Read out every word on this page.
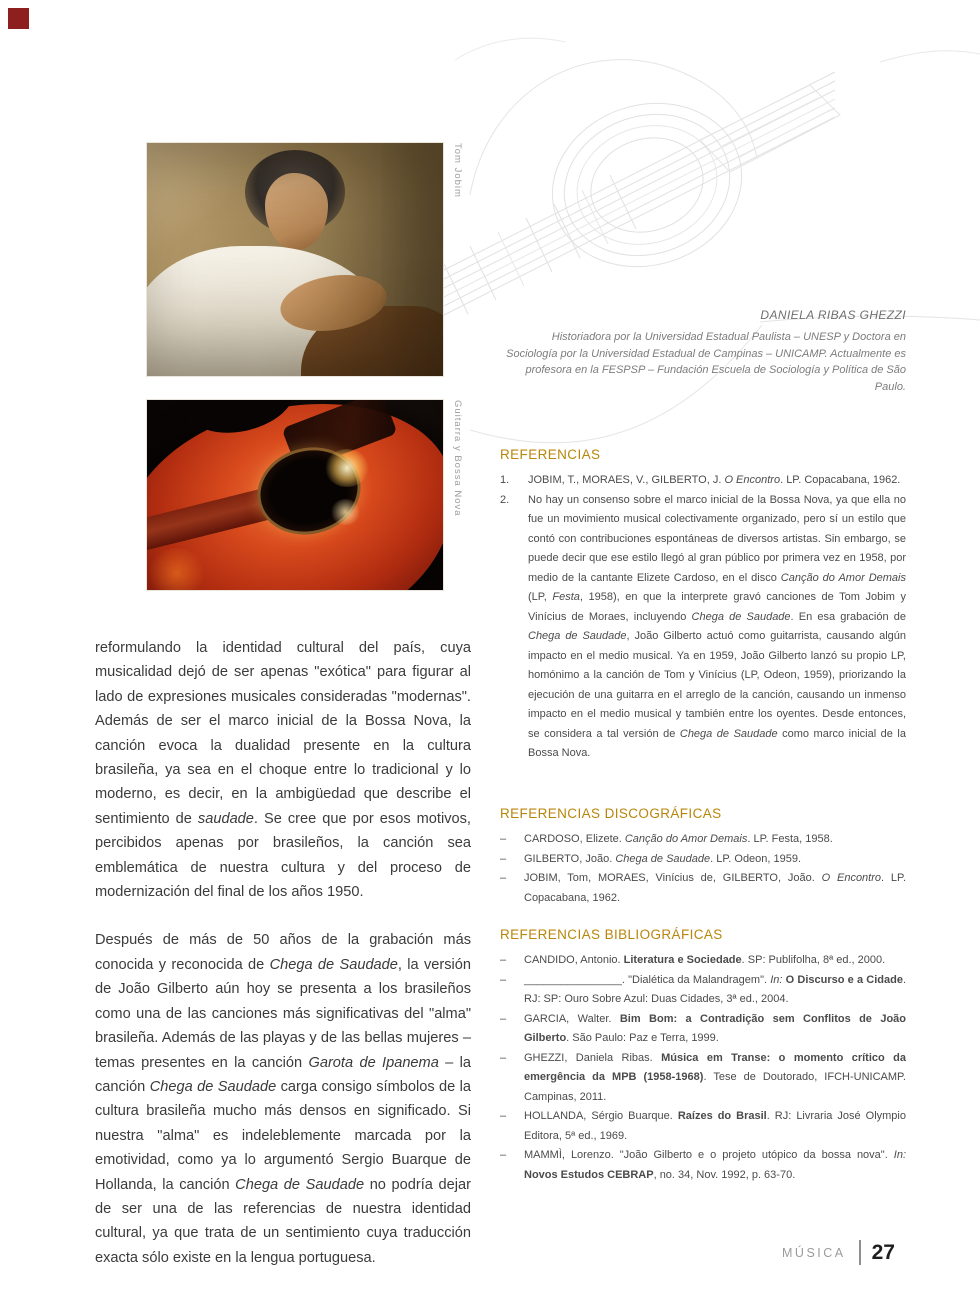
Tom Jobim
Guitarra y Bossa Nova
DANIELA RIBAS GHEZZI
Historiadora por la Universidad Estadual Paulista – UNESP y Doctora en Sociología por la Universidad Estadual de Campinas – UNICAMP. Actualmente es profesora en la FESPSP – Fundación Escuela de Sociología y Política de São Paulo.
REFERENCIAS
1.	JOBIM, T., MORAES, V., GILBERTO, J. O Encontro. LP. Copacabana, 1962.
2.	No hay un consenso sobre el marco inicial de la Bossa Nova, ya que ella no fue un movimiento musical colectivamente organizado, pero sí un estilo que contó con contribuciones espontáneas de diversos artistas. Sin embargo, se puede decir que ese estilo llegó al gran público por primera vez en 1958, por medio de la cantante Elizete Cardoso, en el disco Canção do Amor Demais (LP, Festa, 1958), en que la interprete gravó canciones de Tom Jobim y Vinícius de Moraes, incluyendo Chega de Saudade. En esa grabación de Chega de Saudade, João Gilberto actuó como guitarrista, causando algún impacto en el medio musical. Ya en 1959, João Gilberto lanzó su propio LP, homónimo a la canción de Tom y Vinícius (LP, Odeon, 1959), priorizando la ejecución de una guitarra en el arreglo de la canción, causando un inmenso impacto en el medio musical y también entre los oyentes. Desde entonces, se considera a tal versión de Chega de Saudade como marco inicial de la Bossa Nova.
REFERENCIAS DISCOGRÁFICAS
–	CARDOSO, Elizete. Canção do Amor Demais. LP. Festa, 1958.
–	GILBERTO, João. Chega de Saudade. LP. Odeon, 1959.
–	JOBIM, Tom, MORAES, Vinícius de, GILBERTO, João. O Encontro. LP. Copacabana, 1962.
REFERENCIAS BIBLIOGRÁFICAS
–	CANDIDO, Antonio. Literatura e Sociedade. SP: Publifolha, 8ª ed., 2000.
–	________________. "Dialética da Malandragem". In: O Discurso e a Cidade. RJ: SP: Ouro Sobre Azul: Duas Cidades, 3ª ed., 2004.
–	GARCIA, Walter. Bim Bom: a Contradição sem Conflitos de João Gilberto. São Paulo: Paz e Terra, 1999.
–	GHEZZI, Daniela Ribas. Música em Transe: o momento crítico da emergência da MPB (1958-1968). Tese de Doutorado, IFCH-UNICAMP. Campinas, 2011.
–	HOLLANDA, Sérgio Buarque. Raízes do Brasil. RJ: Livraria José Olympio Editora, 5ª ed., 1969.
–	MAMMÌ, Lorenzo. "João Gilberto e o projeto utópico da bossa nova". In: Novos Estudos CEBRAP, no. 34, Nov. 1992, p. 63-70.

reformulando la identidad cultural del país, cuya musicalidad dejó de ser apenas "exótica" para figurar al lado de expresiones musicales consideradas "modernas". Además de ser el marco inicial de la Bossa Nova, la canción evoca la dualidad presente en la cultura brasileña, ya sea en el choque entre lo tradicional y lo moderno, es decir, en la ambigüedad que describe el sentimiento de saudade. Se cree que por esos motivos, percibidos apenas por brasileños, la canción sea emblemática de nuestra cultura y del proceso de modernización del final de los años 1950.

Después de más de 50 años de la grabación más conocida y reconocida de Chega de Saudade, la versión de João Gilberto aún hoy se presenta a los brasileños como una de las canciones más significativas del "alma" brasileña. Además de las playas y de las bellas mujeres – temas presentes en la canción Garota de Ipanema – la canción Chega de Saudade carga consigo símbolos de la cultura brasileña mucho más densos en significado. Si nuestra "alma" es indeleblemente marcada por la emotividad, como ya lo argumentó Sergio Buarque de Hollanda, la canción Chega de Saudade no podría dejar de ser una de las referencias de nuestra identidad cultural, ya que trata de un sentimiento cuya traducción exacta sólo existe en la lengua portuguesa.	MÚSICA 27
